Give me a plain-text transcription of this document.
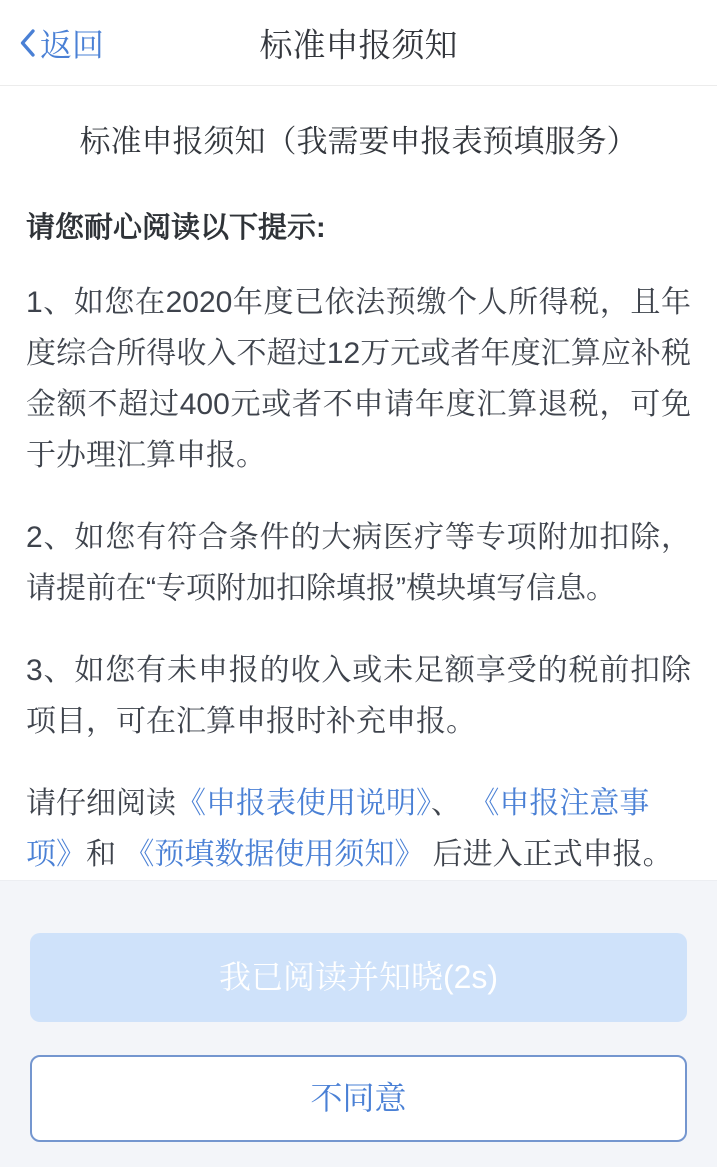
返回	标准申报须知
标准申报须知（我需要申报表预填服务）
请您耐心阅读以下提示:

1、如您在2020年度已依法预缴个人所得税，且年度综合所得收入不超过12万元或者年度汇算应补税金额不超过400元或者不申请年度汇算退税，可免于办理汇算申报。

2、如您有符合条件的大病医疗等专项附加扣除，请提前在“专项附加扣除填报”模块填写信息。

3、如您有未申报的收入或未足额享受的税前扣除项目，可在汇算申报时补充申报。

请仔细阅读《申报表使用说明》、 《申报注意事项》和 《预填数据使用须知》 后进入正式申报。

我已阅读并知晓(2s)
不同意
